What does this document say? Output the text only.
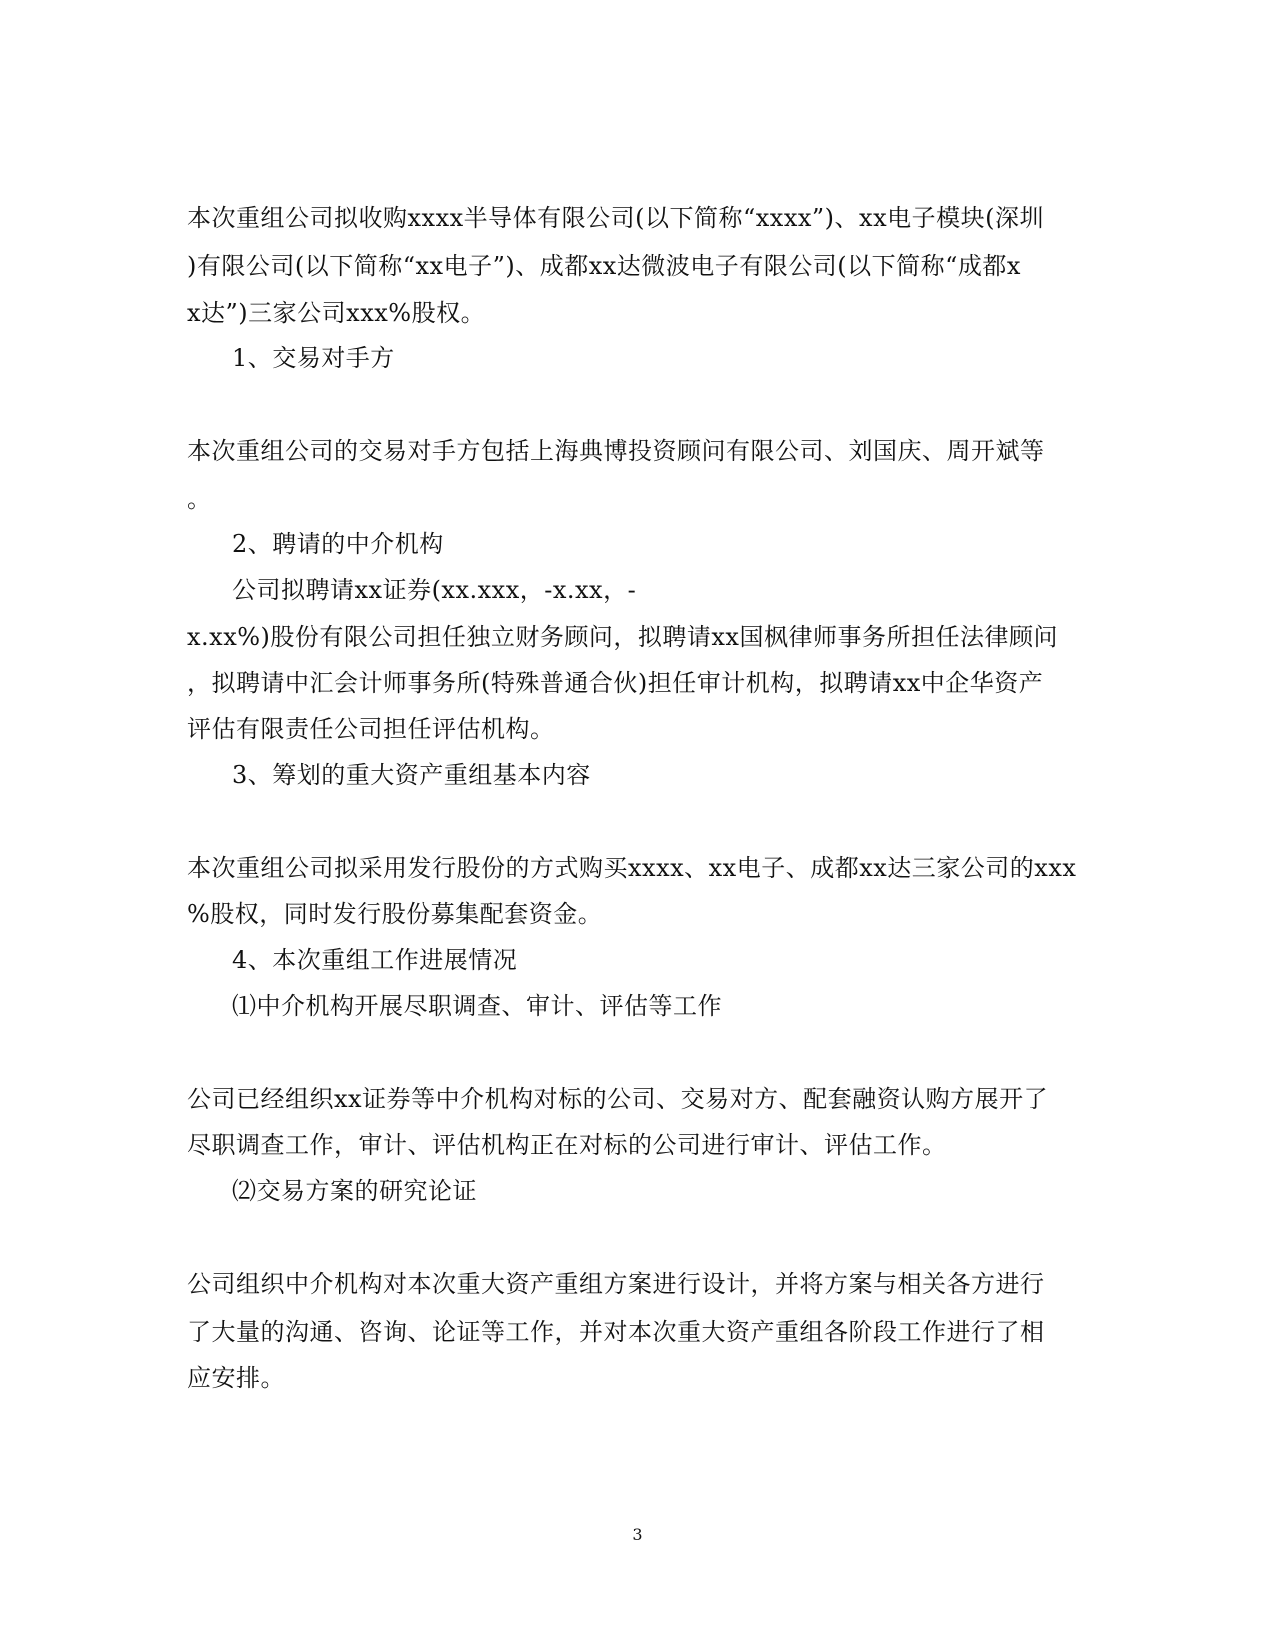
本次重组公司拟收购xxxx半导体有限公司(以下简称“xxxx”)、xx电子模块(深圳
)有限公司(以下简称“xx电子”)、成都xx达微波电子有限公司(以下简称“成都x
x达”)三家公司xxx%股权。
1、交易对手方
本次重组公司的交易对手方包括上海典博投资顾问有限公司、刘国庆、周开斌等
。
2、聘请的中介机构
公司拟聘请xx证券(xx.xxx，-x.xx，-
x.xx%)股份有限公司担任独立财务顾问，拟聘请xx国枫律师事务所担任法律顾问
，拟聘请中汇会计师事务所(特殊普通合伙)担任审计机构，拟聘请xx中企华资产
评估有限责任公司担任评估机构。
3、筹划的重大资产重组基本内容
本次重组公司拟采用发行股份的方式购买xxxx、xx电子、成都xx达三家公司的xxx
%股权，同时发行股份募集配套资金。
4、本次重组工作进展情况
⑴中介机构开展尽职调查、审计、评估等工作
公司已经组织xx证券等中介机构对标的公司、交易对方、配套融资认购方展开了
尽职调查工作，审计、评估机构正在对标的公司进行审计、评估工作。
⑵交易方案的研究论证
公司组织中介机构对本次重大资产重组方案进行设计，并将方案与相关各方进行
了大量的沟通、咨询、论证等工作，并对本次重大资产重组各阶段工作进行了相
应安排。
3
